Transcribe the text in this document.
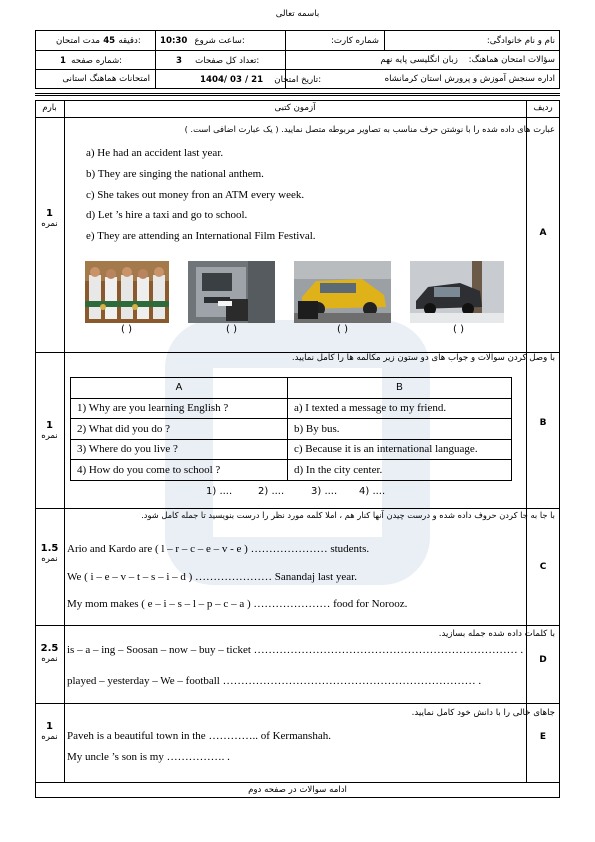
باسمه تعالی
نام و نام خانوادگی:
شماره کارت:
10:30 ساعت شروع:
دقیقه 45 مدت امتحان:
سؤالات امتحان هماهنگ: زبان انگلیسی پایه نهم
3 تعداد کل صفحات:
1 شماره صفحه:
اداره سنجش آموزش و پرورش استان کرمانشاه
1404/ 03 / 21 تاریخ امتحان:
امتحانات هماهنگ استانی
ردیف
آزمون کتبی
بارم
A
1
نمره
عبارت های داده شده را با نوشتن حرف مناسب به تصاویر مربوطه متصل نمایید. ( یک عبارت اضافی است. )
a) He had an accident last year.
b) They are singing the national anthem.
c) She takes out money fron an ATM every week.
d) Let ’s hire a taxi and go to school.
e) They are attending an International Film Festival.
( )	( )	( )	( )
B
1
نمره
با وصل کردن سوالات و جواب های دو ستون زیر مکالمه ها را کامل نمایید.
A	B
1) Why are you learning English ?	a) I texted a message to my friend.
2) What did you do ?	b) By bus.
3) Where do you live ?	c) Because it is an international language.
4) How do you come to school ?	d) In the city center.
1) ....	2) ....	3) .... 4) ....
C
1.5
نمره
با جا به جا کردن حروف داده شده و درست چیدن آنها کنار هم ، املا کلمه مورد نظر را درست بنویسید تا جمله کامل شود.
Ario and Kardo are ( l – r – c – e – v - e ) ………………… students.
We ( i – e – v – t – s – i – d ) ………………… Sanandaj last year.
My mom makes ( e – i – s – l – p – c – a ) ………………… food for Norooz.
D
2.5
نمره
با کلمات داده شده جمله بسازید.
is – a – ing – Soosan – now – buy – ticket ……………………………………………………………… .
played – yesterday – We – football …………………………………………………………… .
E
1
نمره
جاهای خالی را با دانش خود کامل نمایید.
Paveh is a beautiful town in the ………….. of Kermanshah.
My uncle ’s son is my ……………. .
ادامه سوالات در صفحه دوم
